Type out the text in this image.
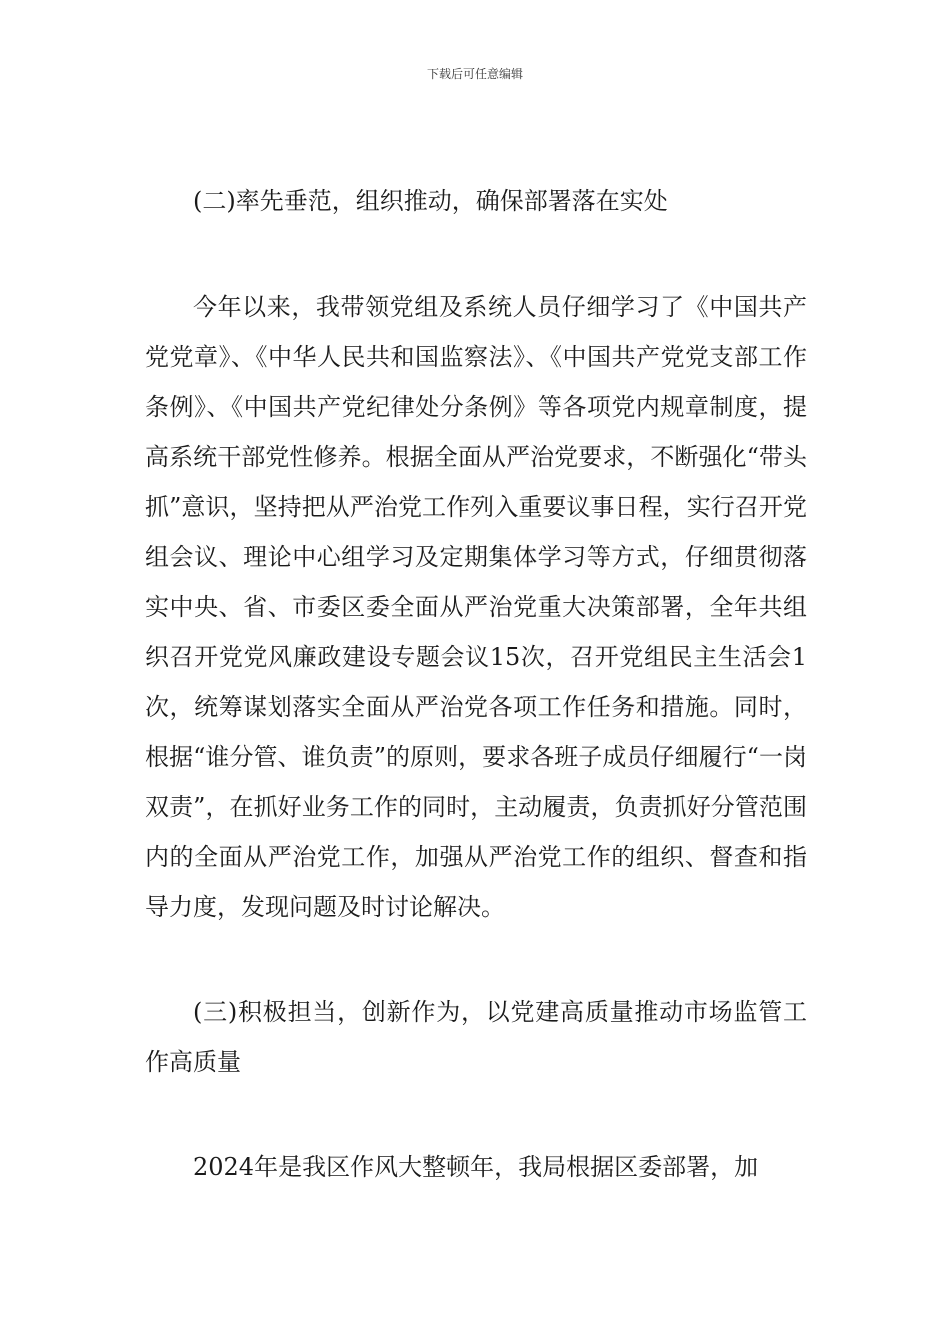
下载后可任意编辑

(二)率先垂范，组织推动，确保部署落在实处

今年以来，我带领党组及系统人员仔细学习了《中国共产党党章》、《中华人民共和国监察法》、《中国共产党党支部工作条例》、《中国共产党纪律处分条例》等各项党内规章制度，提高系统干部党性修养。根据全面从严治党要求，不断强化“带头抓”意识，坚持把从严治党工作列入重要议事日程，实行召开党组会议、理论中心组学习及定期集体学习等方式，仔细贯彻落实中央、省、市委区委全面从严治党重大决策部署，全年共组织召开党党风廉政建设专题会议15次，召开党组民主生活会1次，统筹谋划落实全面从严治党各项工作任务和措施。同时，根据“谁分管、谁负责”的原则，要求各班子成员仔细履行“一岗双责”，在抓好业务工作的同时，主动履责，负责抓好分管范围内的全面从严治党工作，加强从严治党工作的组织、督查和指导力度，发现问题及时讨论解决。

(三)积极担当，创新作为，以党建高质量推动市场监管工作高质量

2024年是我区作风大整顿年，我局根据区委部署，加
